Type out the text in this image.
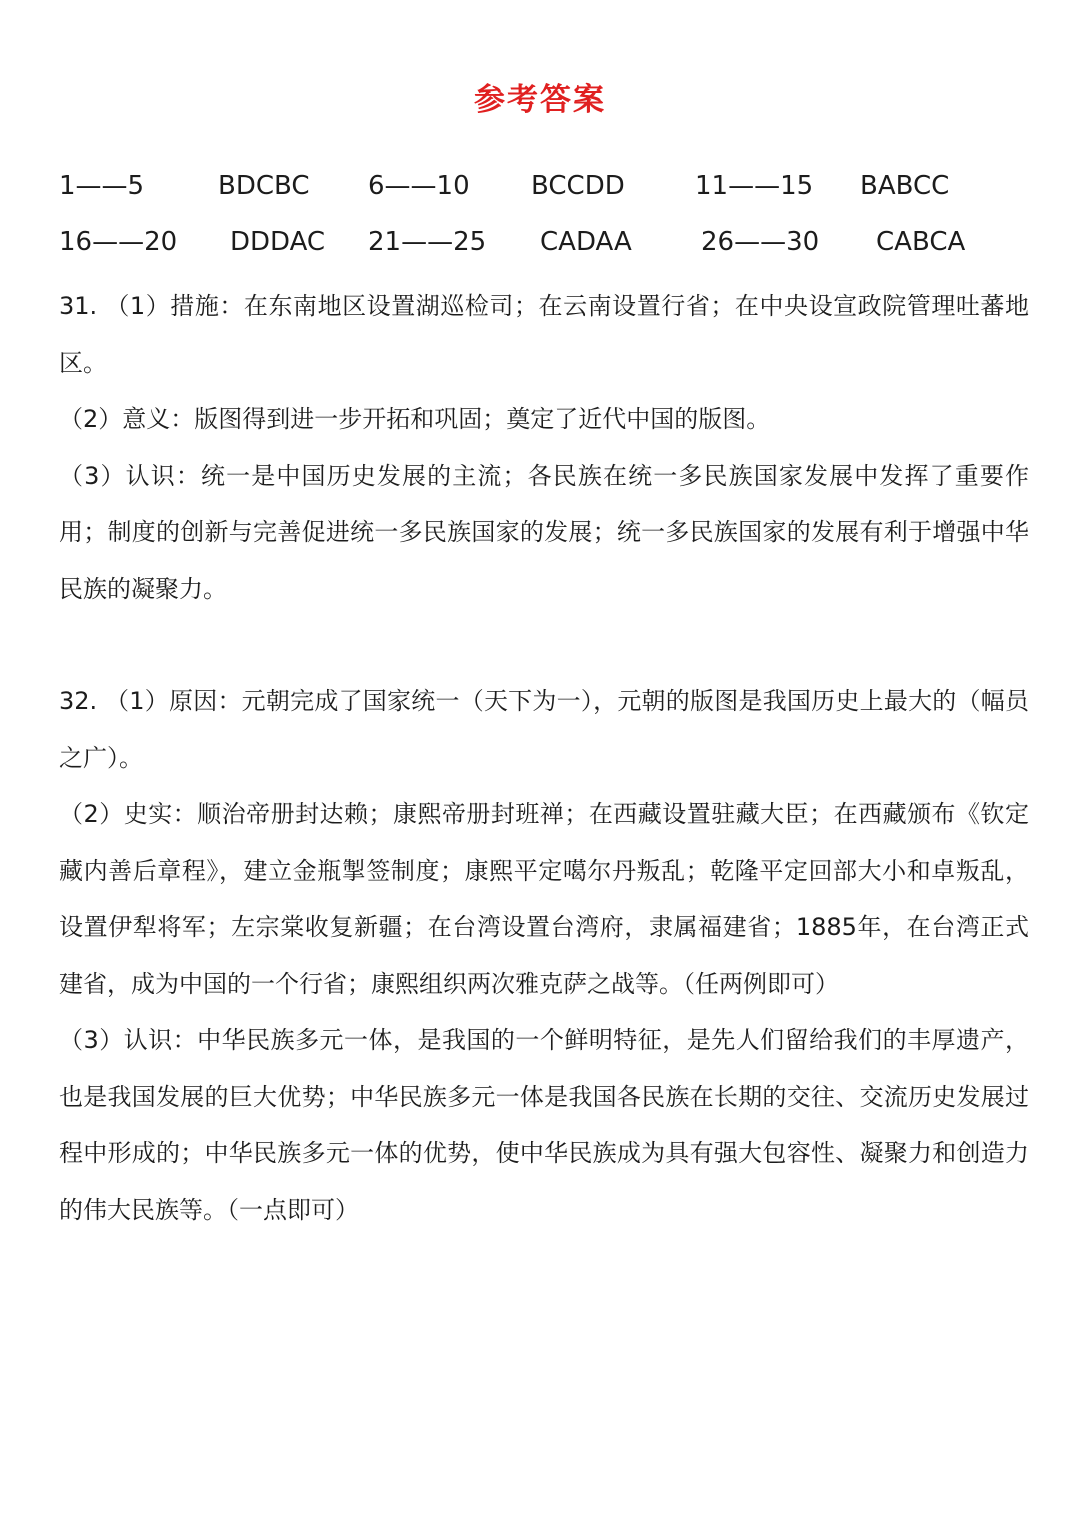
参考答案
1——5	BDCBC 6——10 BCCDD	11——15 BABCC
16——20 DDDAC 21——25 CADAA	26——30 CABCA

31. （1）措施：在东南地区设置湖巡检司；在云南设置行省；在中央设宣政院管理吐蕃地区。

（2）意义：版图得到进一步开拓和巩固；奠定了近代中国的版图。

（3）认识：统一是中国历史发展的主流；各民族在统一多民族国家发展中发挥了重要作用；制度的创新与完善促进统一多民族国家的发展；统一多民族国家的发展有利于增强中华民族的凝聚力。

32. （1）原因：元朝完成了国家统一（天下为一），元朝的版图是我国历史上最大的（幅员之广）。

（2）史实：顺治帝册封达赖；康熙帝册封班禅；在西藏设置驻藏大臣；在西藏颁布《钦定藏内善后章程》，建立金瓶掣签制度；康熙平定噶尔丹叛乱；乾隆平定回部大小和卓叛乱，设置伊犁将军；左宗棠收复新疆；在台湾设置台湾府，隶属福建省；1885年，在台湾正式建省，成为中国的一个行省；康熙组织两次雅克萨之战等。（任两例即可）

（3）认识：中华民族多元一体，是我国的一个鲜明特征，是先人们留给我们的丰厚遗产，也是我国发展的巨大优势；中华民族多元一体是我国各民族在长期的交往、交流历史发展过程中形成的；中华民族多元一体的优势，使中华民族成为具有强大包容性、凝聚力和创造力的伟大民族等。（一点即可）
